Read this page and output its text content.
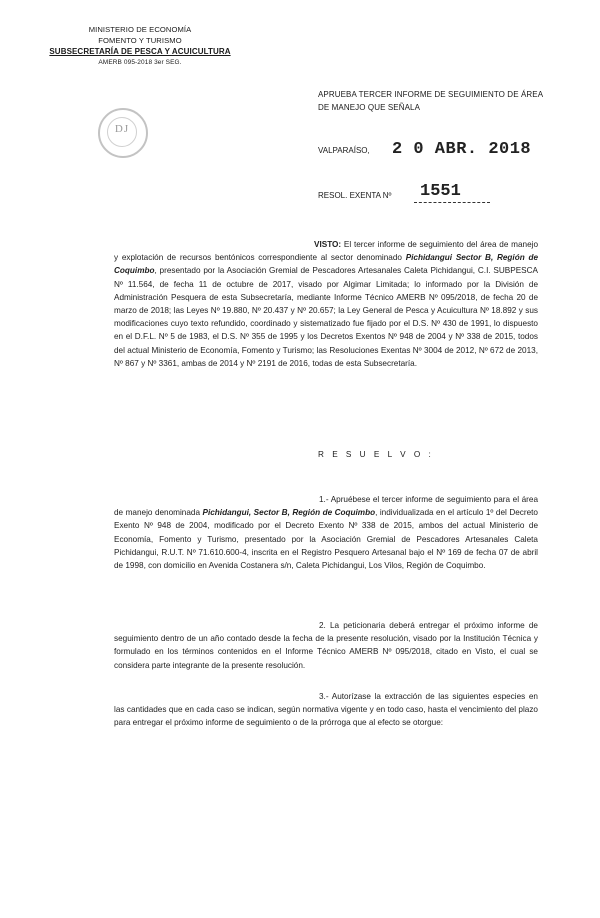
MINISTERIO DE ECONOMÍA
FOMENTO Y TURISMO
SUBSECRETARÍA DE PESCA Y ACUICULTURA
AMERB 095-2018 3er SEG.
DJ
APRUEBA TERCER INFORME DE SEGUIMIENTO DE ÁREA DE MANEJO QUE SEÑALA
VALPARAÍSO, 2 0 ABR. 2018
RESOL. EXENTA Nº 1551
VISTO: El tercer informe de seguimiento del área de manejo y explotación de recursos bentónicos correspondiente al sector denominado Pichidangui Sector B, Región de Coquimbo, presentado por la Asociación Gremial de Pescadores Artesanales Caleta Pichidangui, C.I. SUBPESCA Nº 11.564, de fecha 11 de octubre de 2017, visado por Algimar Limitada; lo informado por la División de Administración Pesquera de esta Subsecretaría, mediante Informe Técnico AMERB Nº 095/2018, de fecha 20 de marzo de 2018; las Leyes Nº 19.880, Nº 20.437 y Nº 20.657; la Ley General de Pesca y Acuicultura Nº 18.892 y sus modificaciones cuyo texto refundido, coordinado y sistematizado fue fijado por el D.S. Nº 430 de 1991, lo dispuesto en el D.F.L. Nº 5 de 1983, el D.S. Nº 355 de 1995 y los Decretos Exentos Nº 948 de 2004 y Nº 338 de 2015, todos del actual Ministerio de Economía, Fomento y Turismo; las Resoluciones Exentas Nº 3004 de 2012, Nº 672 de 2013, Nº 867 y Nº 3361, ambas de 2014 y Nº 2191 de 2016, todas de esta Subsecretaría.
R E S U E L V O :
1.- Apruébese el tercer informe de seguimiento para el área de manejo denominada Pichidangui, Sector B, Región de Coquimbo, individualizada en el artículo 1º del Decreto Exento Nº 948 de 2004, modificado por el Decreto Exento Nº 338 de 2015, ambos del actual Ministerio de Economía, Fomento y Turismo, presentado por la Asociación Gremial de Pescadores Artesanales Caleta Pichidangui, R.U.T. Nº 71.610.600-4, inscrita en el Registro Pesquero Artesanal bajo el Nº 169 de fecha 07 de abril de 1998, con domicilio en Avenida Costanera s/n, Caleta Pichidangui, Los Vilos, Región de Coquimbo.
2. La peticionaria deberá entregar el próximo informe de seguimiento dentro de un año contado desde la fecha de la presente resolución, visado por la Institución Técnica y formulado en los términos contenidos en el Informe Técnico AMERB Nº 095/2018, citado en Visto, el cual se considera parte integrante de la presente resolución.
3.- Autorízase la extracción de las siguientes especies en las cantidades que en cada caso se indican, según normativa vigente y en todo caso, hasta el vencimiento del plazo para entregar el próximo informe de seguimiento o de la prórroga que al efecto se otorgue:
